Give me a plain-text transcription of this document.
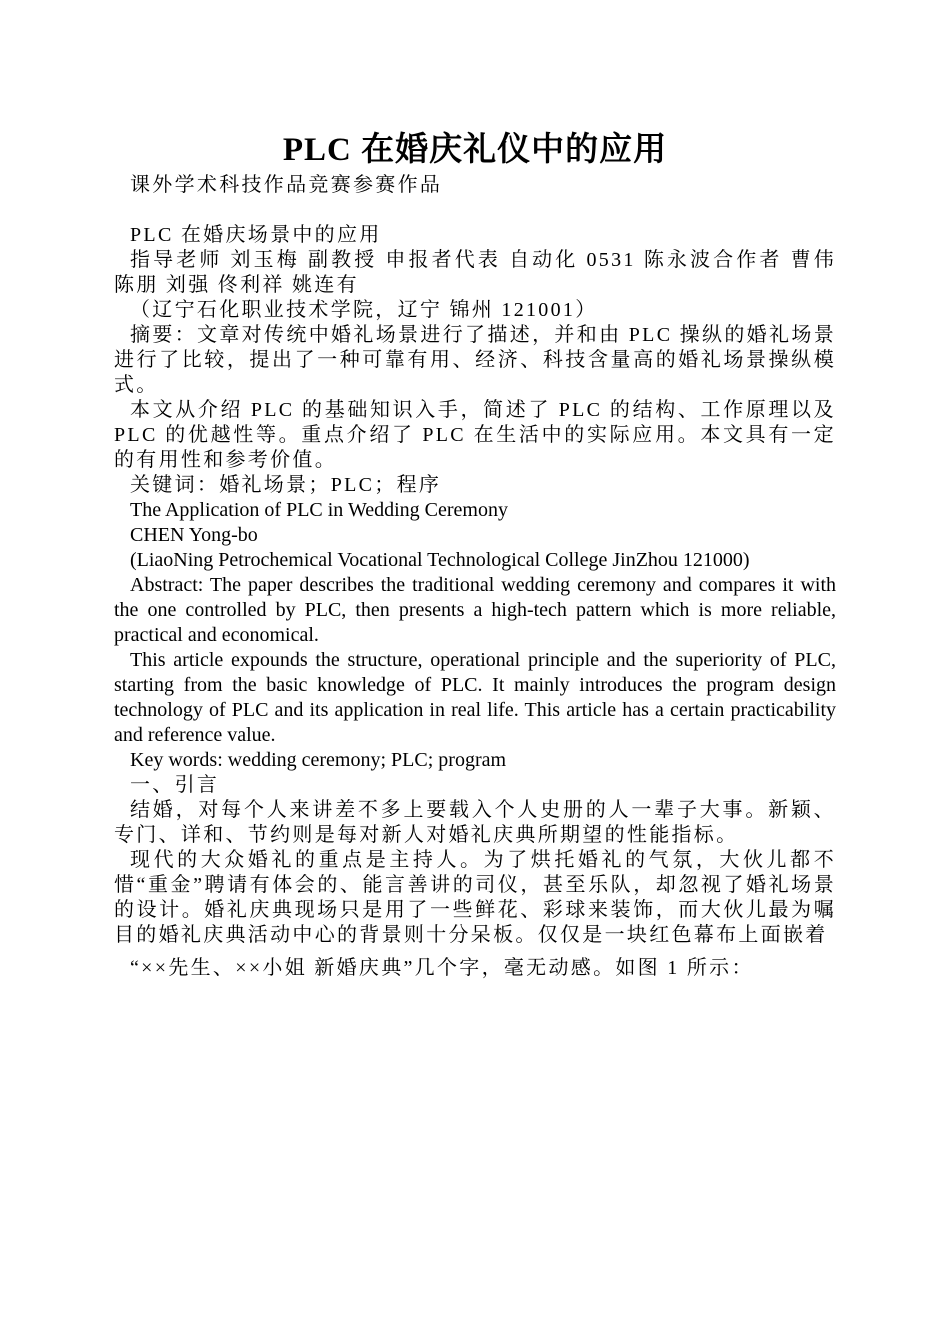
PLC 在婚庆礼仪中的应用

课外学术科技作品竞赛参赛作品

PLC 在婚庆场景中的应用

指导老师 刘玉梅 副教授 申报者代表 自动化 0531 陈永波合作者 曹伟 陈朋 刘强 佟利祥 姚连有

（辽宁石化职业技术学院，辽宁 锦州 121001）

摘要：文章对传统中婚礼场景进行了描述，并和由 PLC 操纵的婚礼场景进行了比较，提出了一种可靠有用、经济、科技含量高的婚礼场景操纵模式。

本文从介绍 PLC 的基础知识入手，简述了 PLC 的结构、工作原理以及 PLC 的优越性等。重点介绍了 PLC 在生活中的实际应用。本文具有一定的有用性和参考价值。

关键词：婚礼场景；PLC；程序

The Application of PLC in Wedding Ceremony

CHEN Yong-bo

(LiaoNing Petrochemical Vocational Technological College JinZhou 121000)

Abstract: The paper describes the traditional wedding ceremony and compares it with the one controlled by PLC, then presents a high-tech pattern which is more reliable, practical and economical.

This article expounds the structure, operational principle and the superiority of PLC, starting from the basic knowledge of PLC. It mainly introduces the program design technology of PLC and its application in real life. This article has a certain practicability and reference value.

Key words: wedding ceremony; PLC; program

一、引言

结婚，对每个人来讲差不多上要载入个人史册的人一辈子大事。新颖、专门、详和、节约则是每对新人对婚礼庆典所期望的性能指标。

现代的大众婚礼的重点是主持人。为了烘托婚礼的气氛，大伙儿都不惜“重金”聘请有体会的、能言善讲的司仪，甚至乐队，却忽视了婚礼场景的设计。婚礼庆典现场只是用了一些鲜花、彩球来装饰，而大伙儿最为嘱目的婚礼庆典活动中心的背景则十分呆板。仅仅是一块红色幕布上面嵌着

“××先生、××小姐 新婚庆典”几个字，毫无动感。如图 1 所示：
